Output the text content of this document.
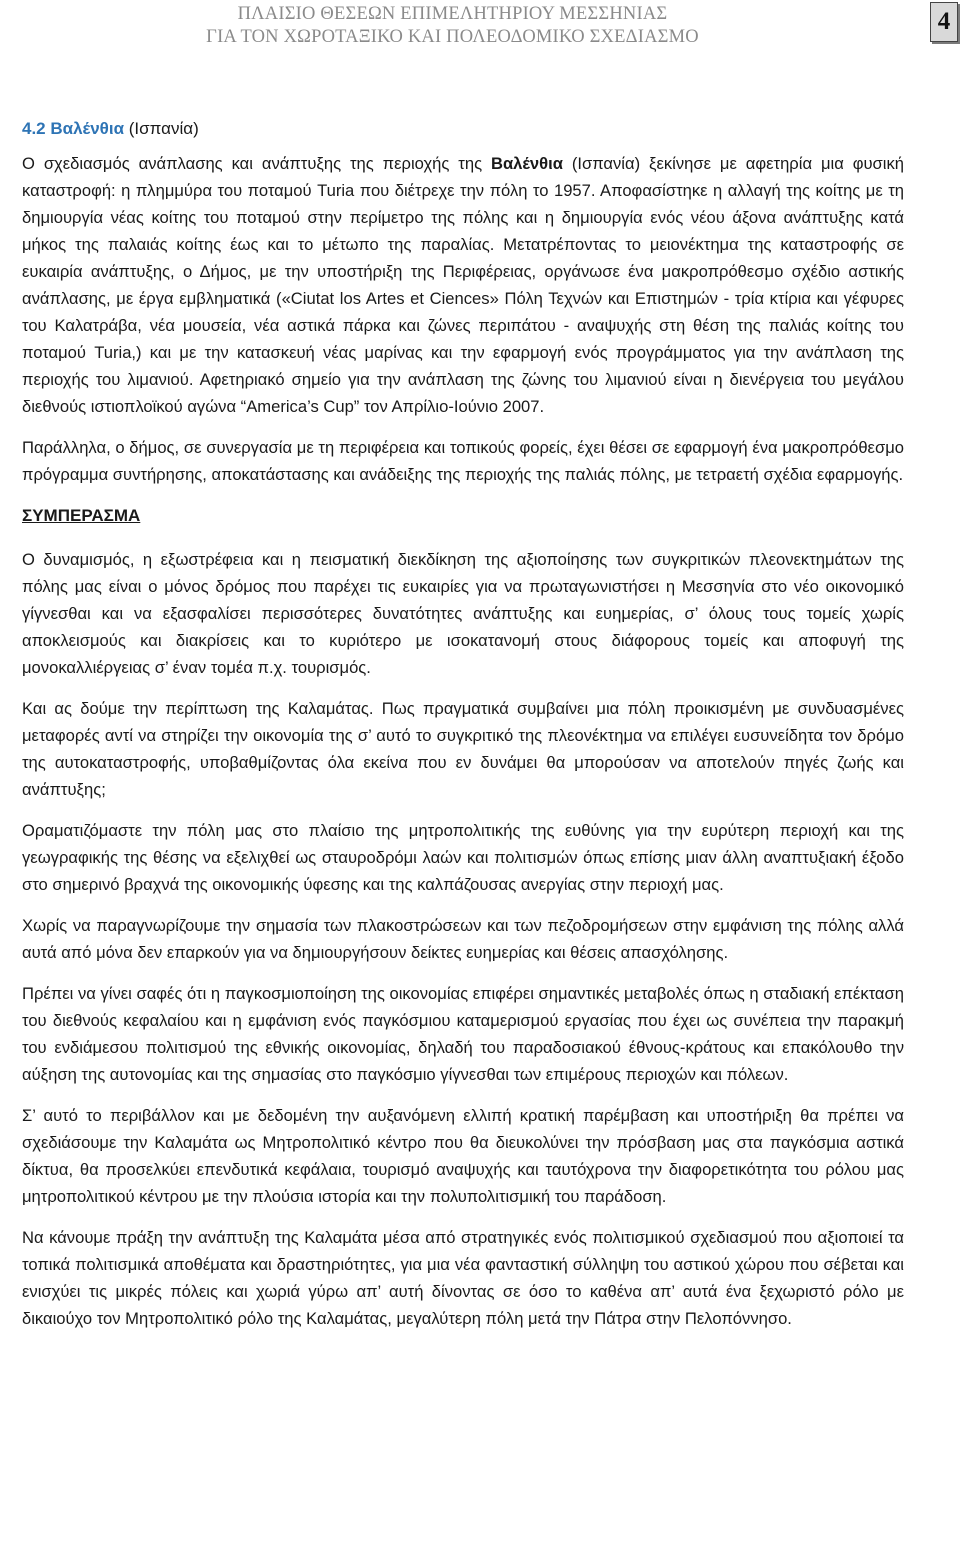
ΠΛΑΙΣΙΟ ΘΕΣΕΩΝ ΕΠΙΜΕΛΗΤΗΡΙΟΥ ΜΕΣΣΗΝΙΑΣ
ΓΙΑ ΤΟΝ ΧΩΡΟΤΑΞΙΚΟ ΚΑΙ ΠΟΛΕΟΔΟΜΙΚΟ ΣΧΕΔΙΑΣΜΟ
4
4.2 Βαλένθια (Ισπανία)

Ο σχεδιασμός ανάπλασης και ανάπτυξης της περιοχής της Βαλένθια (Ισπανία) ξεκίνησε με αφετηρία μια φυσική καταστροφή: η πλημμύρα του ποταμού Turia που διέτρεχε την πόλη το 1957. Αποφασίστηκε η αλλαγή της κοίτης με τη δημιουργία νέας κοίτης του ποταμού στην περίμετρο της πόλης και η δημιουργία ενός νέου άξονα ανάπτυξης κατά μήκος της παλαιάς κοίτης έως και το μέτωπο της παραλίας. Μετατρέποντας το μειονέκτημα της καταστροφής σε ευκαιρία ανάπτυξης, ο Δήμος, με την υποστήριξη της Περιφέρειας, οργάνωσε ένα μακροπρόθεσμο σχέδιο αστικής ανάπλασης, με έργα εμβληματικά («Ciutat los Artes et Ciences» Πόλη Τεχνών και Επιστημών - τρία κτίρια και γέφυρες του Καλατράβα, νέα μουσεία, νέα αστικά πάρκα και ζώνες περιπάτου - αναψυχής στη θέση της παλιάς κοίτης του ποταμού Turia,) και με την κατασκευή νέας μαρίνας και την εφαρμογή ενός προγράμματος για την ανάπλαση της περιοχής του λιμανιού. Αφετηριακό σημείο για την ανάπλαση της ζώνης του λιμανιού είναι η διενέργεια του μεγάλου διεθνούς ιστιοπλοϊκού αγώνα “America’s Cup” τον Απρίλιο-Ιούνιο 2007.

Παράλληλα, ο δήμος, σε συνεργασία με τη περιφέρεια και τοπικούς φορείς, έχει θέσει σε εφαρμογή ένα μακροπρόθεσμο πρόγραμμα συντήρησης, αποκατάστασης και ανάδειξης της περιοχής της παλιάς πόλης, με τετραετή σχέδια εφαρμογής.

ΣΥΜΠΕΡΑΣΜΑ

Ο δυναμισμός, η εξωστρέφεια και η πεισματική διεκδίκηση της αξιοποίησης των συγκριτικών πλεονεκτημάτων της πόλης μας είναι ο μόνος δρόμος που παρέχει τις ευκαιρίες για να πρωταγωνιστήσει η Μεσσηνία στο νέο οικονομικό γίγνεσθαι και να εξασφαλίσει περισσότερες δυνατότητες ανάπτυξης και ευημερίας, σ’ όλους τους τομείς χωρίς αποκλεισμούς και διακρίσεις και το κυριότερο με ισοκατανομή στους διάφορους τομείς και αποφυγή της μονοκαλλιέργειας σ’ έναν τομέα π.χ. τουρισμός.

Και ας δούμε την περίπτωση της Καλαμάτας. Πως πραγματικά συμβαίνει μια πόλη προικισμένη με συνδυασμένες μεταφορές αντί να στηρίζει την οικονομία της σ’ αυτό το συγκριτικό της πλεονέκτημα να επιλέγει ευσυνείδητα τον δρόμο της αυτοκαταστροφής, υποβαθμίζοντας όλα εκείνα που εν δυνάμει θα μπορούσαν να αποτελούν πηγές ζωής και ανάπτυξης;

Οραματιζόμαστε την πόλη μας στο πλαίσιο της μητροπολιτικής της ευθύνης για την ευρύτερη περιοχή και της γεωγραφικής της θέσης να εξελιχθεί ως σταυροδρόμι λαών και πολιτισμών όπως επίσης μιαν άλλη αναπτυξιακή έξοδο στο σημερινό βραχνά της οικονομικής ύφεσης και της καλπάζουσας ανεργίας στην περιοχή μας.

Χωρίς να παραγνωρίζουμε την σημασία των πλακοστρώσεων και των πεζοδρομήσεων στην εμφάνιση της πόλης αλλά αυτά από μόνα δεν επαρκούν για να δημιουργήσουν δείκτες ευημερίας και θέσεις απασχόλησης.

Πρέπει να γίνει σαφές ότι η παγκοσμιοποίηση της οικονομίας επιφέρει σημαντικές μεταβολές όπως η σταδιακή επέκταση του διεθνούς κεφαλαίου και η εμφάνιση ενός παγκόσμιου καταμερισμού εργασίας που έχει ως συνέπεια την παρακμή του ενδιάμεσου πολιτισμού της εθνικής οικονομίας, δηλαδή του παραδοσιακού έθνους-κράτους και επακόλουθο την αύξηση της αυτονομίας και της σημασίας στο παγκόσμιο γίγνεσθαι των επιμέρους περιοχών και πόλεων.

Σ’ αυτό το περιβάλλον και με δεδομένη την αυξανόμενη ελλιπή κρατική παρέμβαση και υποστήριξη θα πρέπει να σχεδιάσουμε την Καλαμάτα ως Μητροπολιτικό κέντρο που θα διευκολύνει την πρόσβαση μας στα παγκόσμια αστικά δίκτυα, θα προσελκύει επενδυτικά κεφάλαια, τουρισμό αναψυχής και ταυτόχρονα την διαφορετικότητα του ρόλου μας μητροπολιτικού κέντρου με την πλούσια ιστορία και την πολυπολιτισμική του παράδοση.

Να κάνουμε πράξη την ανάπτυξη της Καλαμάτα μέσα από στρατηγικές ενός πολιτισμικού σχεδιασμού που αξιοποιεί τα τοπικά πολιτισμικά αποθέματα και δραστηριότητες, για μια νέα φανταστική σύλληψη του αστικού χώρου που σέβεται και ενισχύει τις μικρές πόλεις και χωριά γύρω απ’ αυτή δίνοντας σε όσο το καθένα απ’ αυτά ένα ξεχωριστό ρόλο με δικαιούχο τον Μητροπολιτικό ρόλο της Καλαμάτας, μεγαλύτερη πόλη μετά την Πάτρα στην Πελοπόννησο.
